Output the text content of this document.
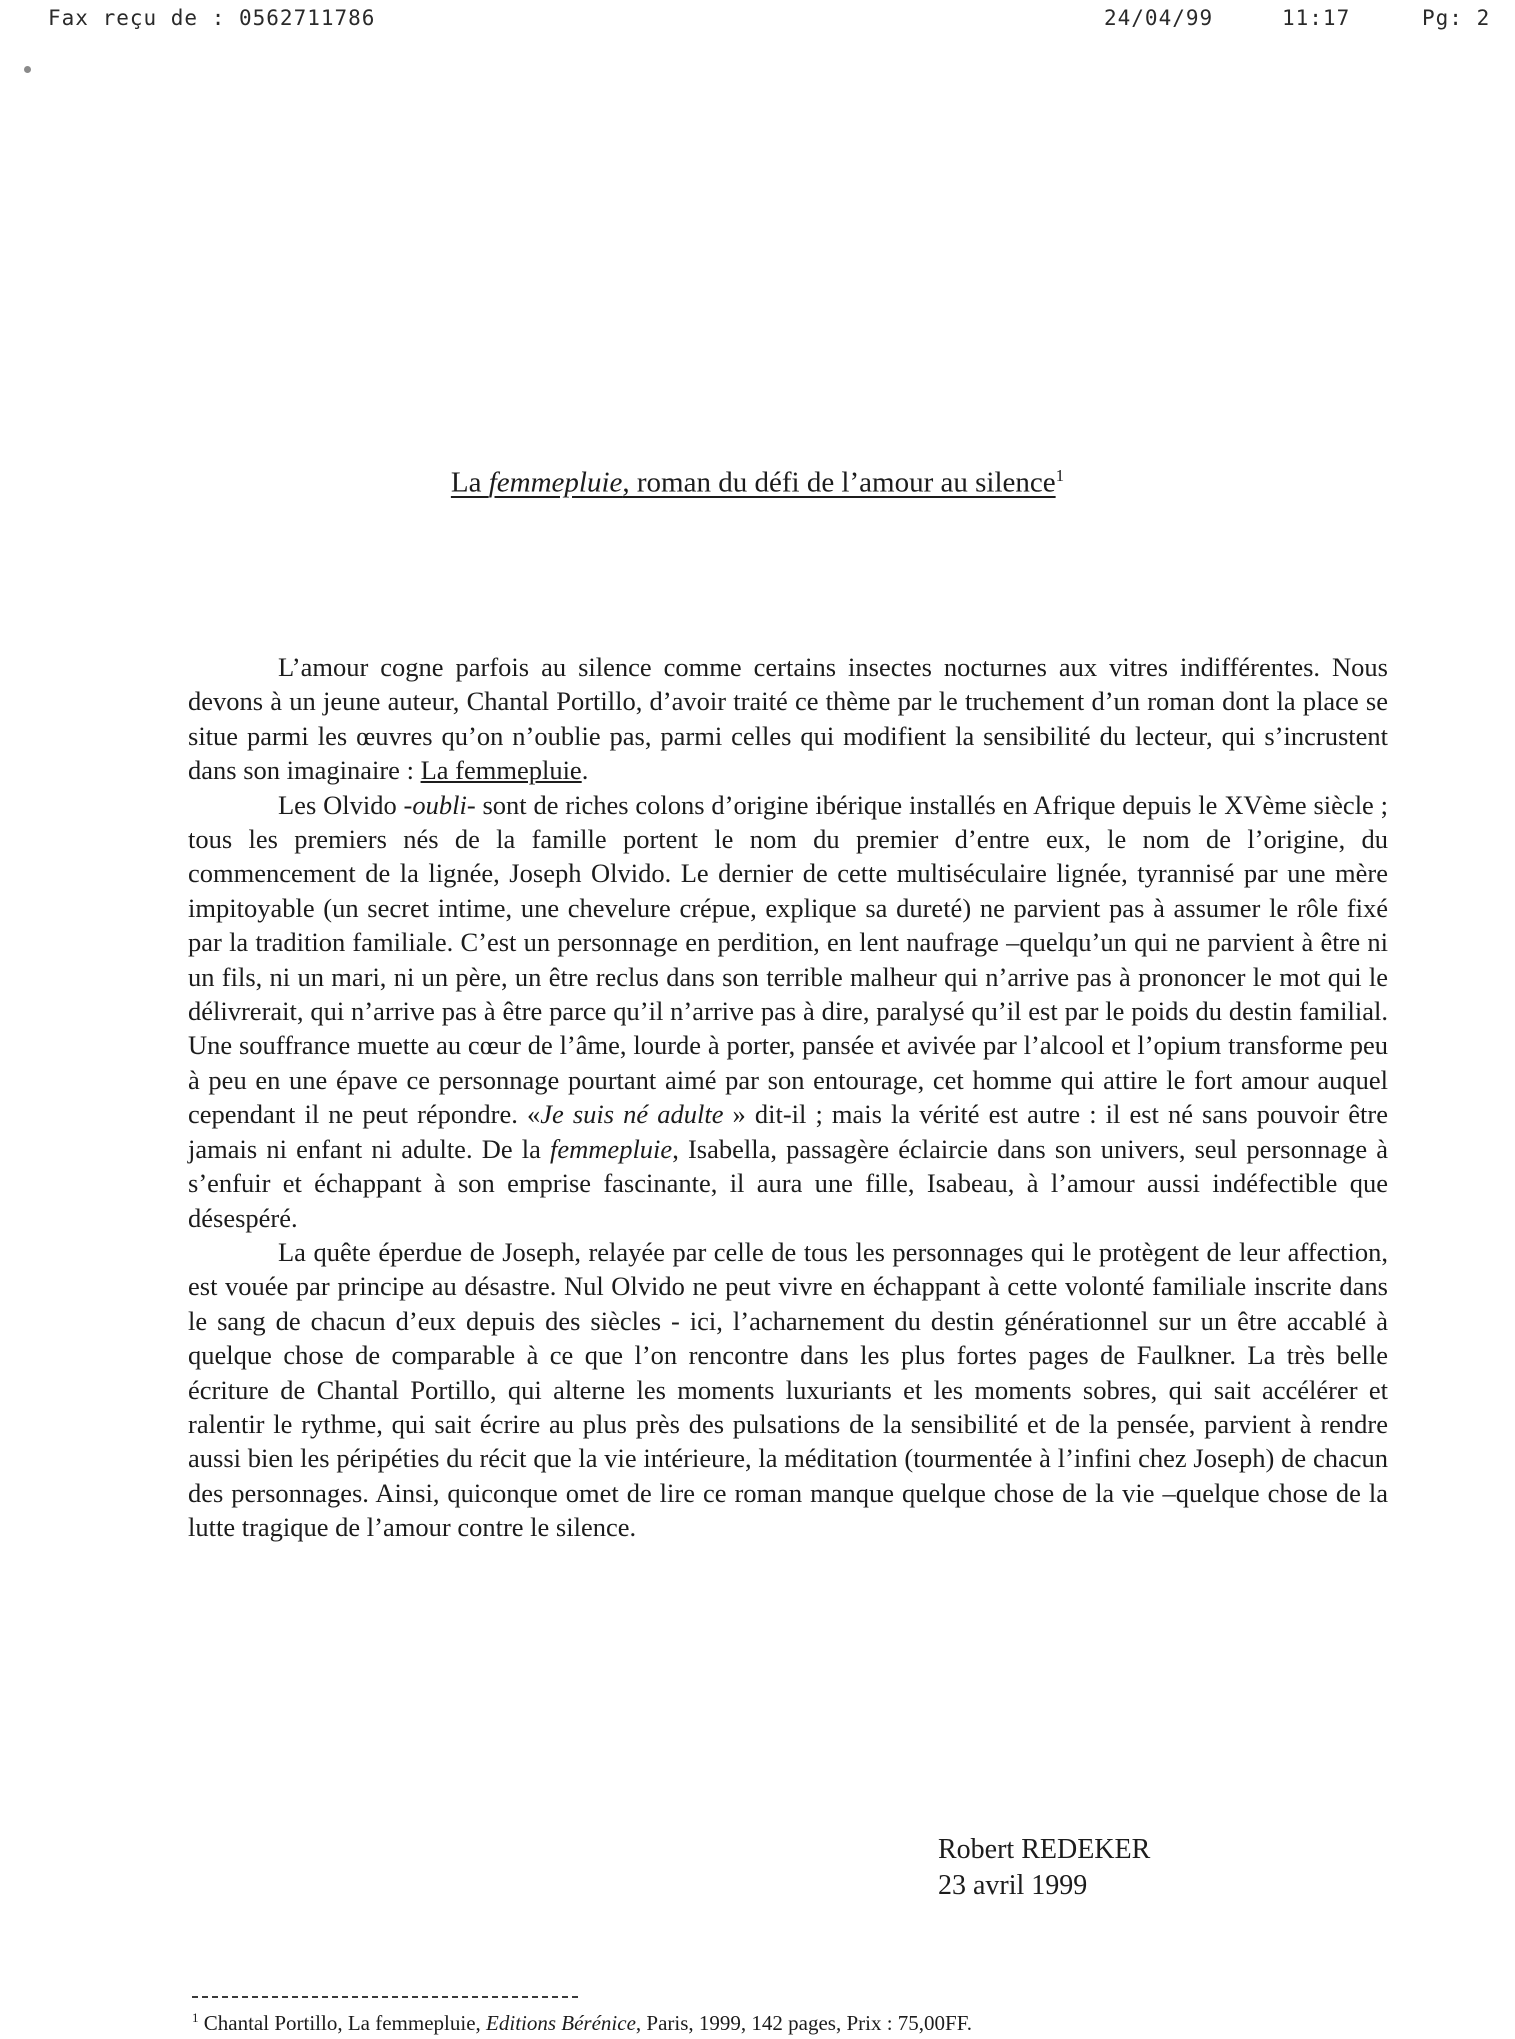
Fax reçu de : 0562711786	24/04/99	11:17	Pg: 2
La femmepluie, roman du défi de l’amour au silence$^1$

L’amour cogne parfois au silence comme certains insectes nocturnes aux vitres indifférentes. Nous devons à un jeune auteur, Chantal Portillo, d’avoir traité ce thème par le truchement d’un roman dont la place se situe parmi les œuvres qu’on n’oublie pas, parmi celles qui modifient la sensibilité du lecteur, qui s’incrustent dans son imaginaire : La femmepluie.

Les Olvido -oubli- sont de riches colons d’origine ibérique installés en Afrique depuis le XVème siècle ; tous les premiers nés de la famille portent le nom du premier d’entre eux, le nom de l’origine, du commencement de la lignée, Joseph Olvido. Le dernier de cette multiséculaire lignée, tyrannisé par une mère impitoyable (un secret intime, une chevelure crépue, explique sa dureté) ne parvient pas à assumer le rôle fixé par la tradition familiale. C’est un personnage en perdition, en lent naufrage –quelqu’un qui ne parvient à être ni un fils, ni un mari, ni un père, un être reclus dans son terrible malheur qui n’arrive pas à prononcer le mot qui le délivrerait, qui n’arrive pas à être parce qu’il n’arrive pas à dire, paralysé qu’il est par le poids du destin familial. Une souffrance muette au cœur de l’âme, lourde à porter, pansée et avivée par l’alcool et l’opium transforme peu à peu en une épave ce personnage pourtant aimé par son entourage, cet homme qui attire le fort amour auquel cependant il ne peut répondre. «Je suis né adulte » dit-il ; mais la vérité est autre : il est né sans pouvoir être jamais ni enfant ni adulte. De la femmepluie, Isabella, passagère éclaircie dans son univers, seul personnage à s’enfuir et échappant à son emprise fascinante, il aura une fille, Isabeau, à l’amour aussi indéfectible que désespéré.

La quête éperdue de Joseph, relayée par celle de tous les personnages qui le protègent de leur affection, est vouée par principe au désastre. Nul Olvido ne peut vivre en échappant à cette volonté familiale inscrite dans le sang de chacun d’eux depuis des siècles - ici, l’acharnement du destin générationnel sur un être accablé à quelque chose de comparable à ce que l’on rencontre dans les plus fortes pages de Faulkner. La très belle écriture de Chantal Portillo, qui alterne les moments luxuriants et les moments sobres, qui sait accélérer et ralentir le rythme, qui sait écrire au plus près des pulsations de la sensibilité et de la pensée, parvient à rendre aussi bien les péripéties du récit que la vie intérieure, la méditation (tourmentée à l’infini chez Joseph) de chacun des personnages. Ainsi, quiconque omet de lire ce roman manque quelque chose de la vie –quelque chose de la lutte tragique de l’amour contre le silence.

Robert REDEKER
23 avril 1999
$^1$ Chantal Portillo, La femmepluie, Editions Bérénice, Paris, 1999, 142 pages, Prix : 75,00FF.
